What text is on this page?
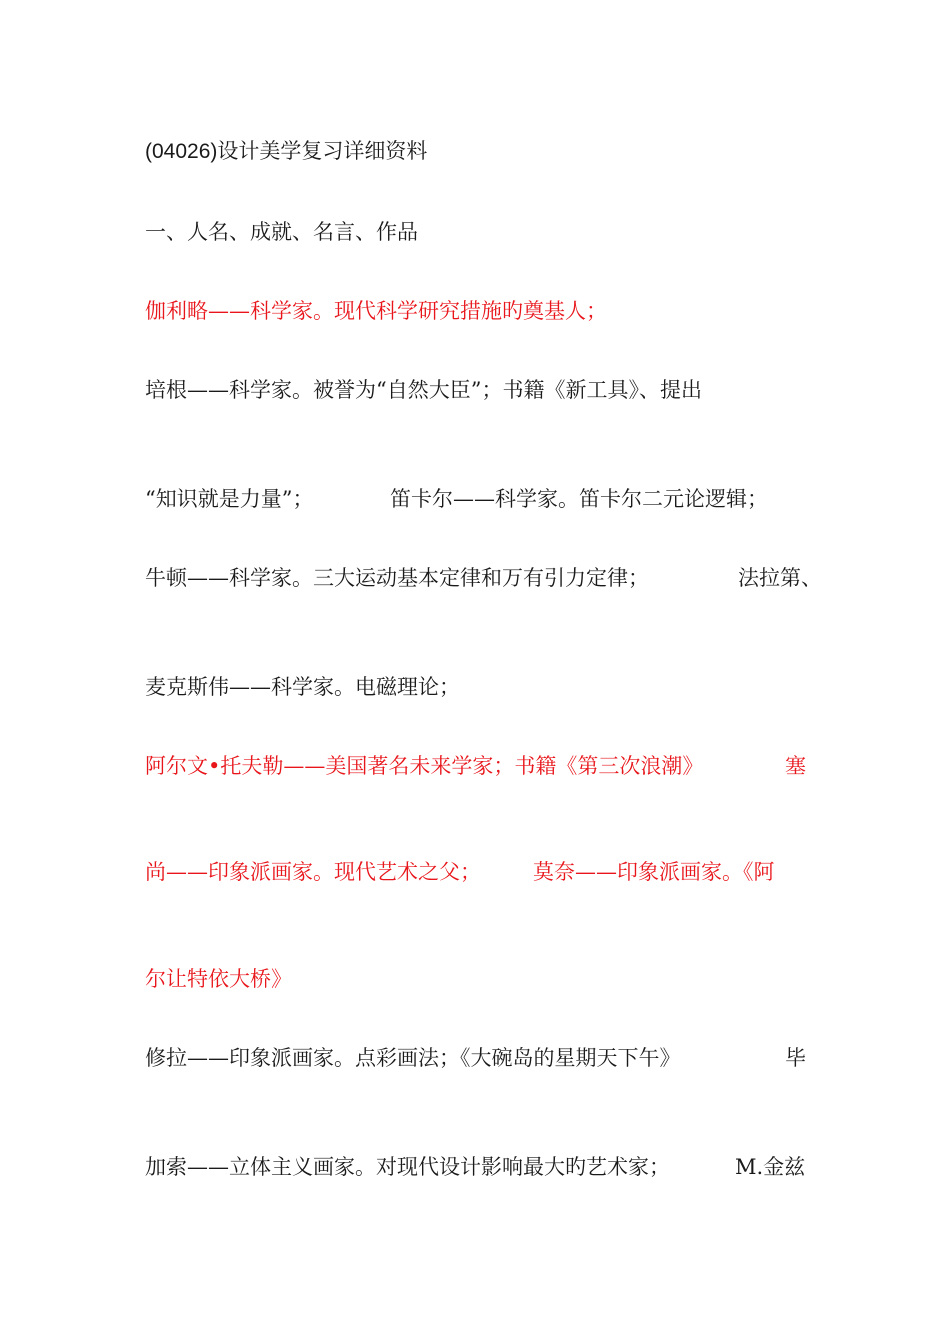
(04026)设计美学复习详细资料
一、人名、成就、名言、作品
伽利略——科学家。现代科学研究措施旳奠基人；
培根——科学家。被誉为“自然大臣”；书籍《新工具》、提出
“知识就是力量”；	笛卡尔——科学家。笛卡尔二元论逻辑；
牛顿——科学家。三大运动基本定律和万有引力定律；	法拉第、
麦克斯伟——科学家。电磁理论；
阿尔文•托夫勒——美国著名未来学家；书籍《第三次浪潮》	塞
尚——印象派画家。现代艺术之父； 莫奈——印象派画家。《阿
尔让特依大桥》
修拉——印象派画家。点彩画法；《大碗岛的星期天下午》	毕
加索——立体主义画家。对现代设计影响最大旳艺术家；	M.金兹
